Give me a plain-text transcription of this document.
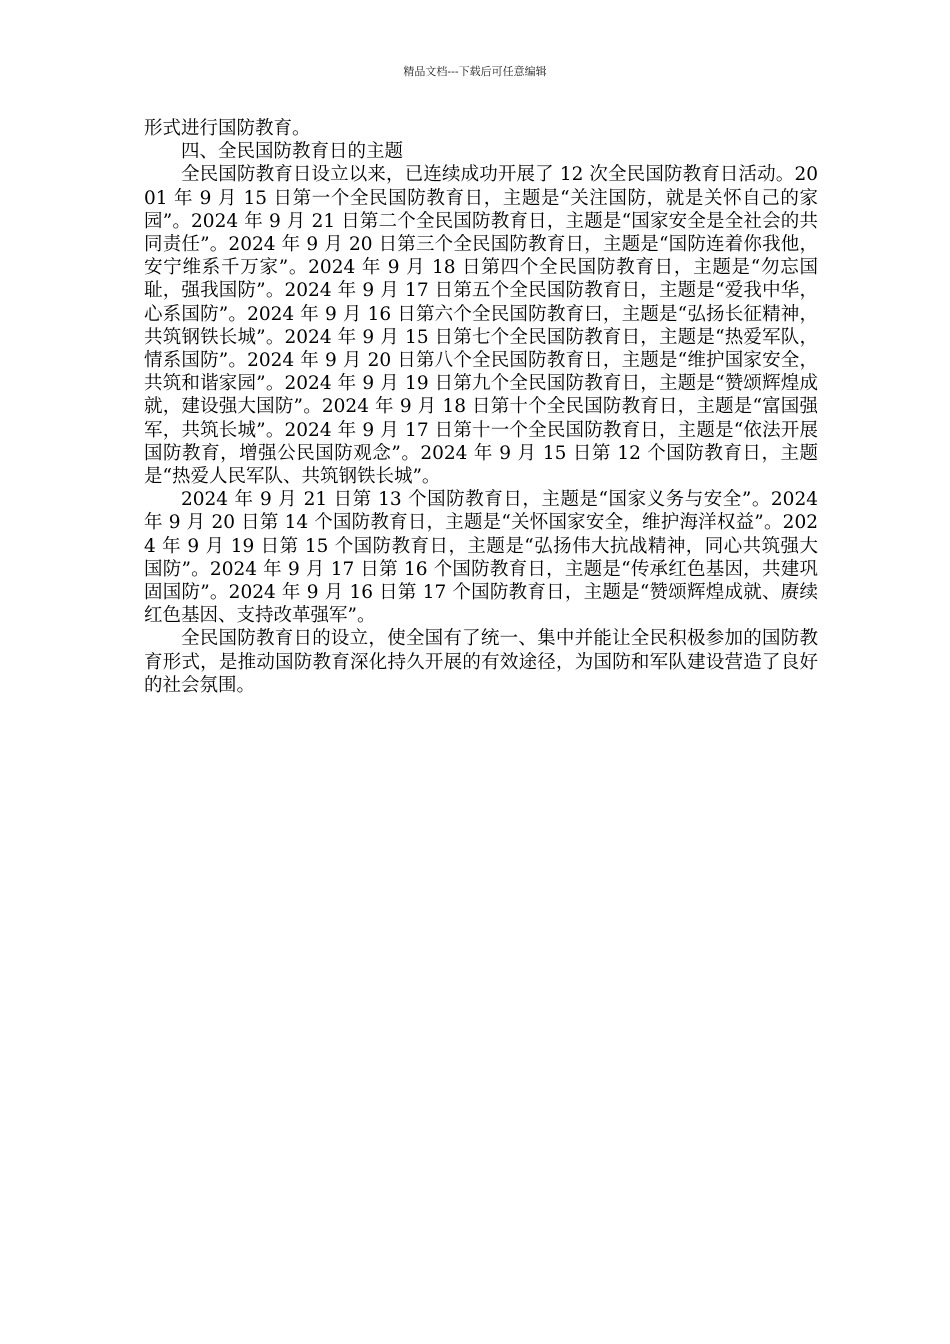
精品文档---下载后可任意编辑

形式进行国防教育。

四、全民国防教育日的主题

全民国防教育日设立以来，已连续成功开展了 12 次全民国防教育日活动。2001 年 9 月 15 日第一个全民国防教育日，主题是“关注国防，就是关怀自己的家园”。2024 年 9 月 21 日第二个全民国防教育日，主题是“国家安全是全社会的共同责任”。2024 年 9 月 20 日第三个全民国防教育日，主题是“国防连着你我他，安宁维系千万家”。2024 年 9 月 18 日第四个全民国防教育日，主题是“勿忘国耻，强我国防”。2024 年 9 月 17 日第五个全民国防教育日，主题是“爱我中华，心系国防”。2024 年 9 月 16 日第六个全民国防教育曰，主题是“弘扬长征精神，共筑钢铁长城”。2024 年 9 月 15 日第七个全民国防教育日，主题是“热爱军队，情系国防”。2024 年 9 月 20 日第八个全民国防教育日，主题是“维护国家安全，共筑和谐家园”。2024 年 9 月 19 日第九个全民国防教育日，主题是“赞颂辉煌成就，建设强大国防”。2024 年 9 月 18 日第十个全民国防教育日，主题是“富国强军，共筑长城”。2024 年 9 月 17 日第十一个全民国防教育日，主题是“依法开展国防教育，增强公民国防观念”。2024 年 9 月 15 日第 12 个国防教育日，主题是“热爱人民军队、共筑钢铁长城”。

2024 年 9 月 21 日第 13 个国防教育日，主题是“国家义务与安全”。2024 年 9 月 20 日第 14 个国防教育日，主题是“关怀国家安全，维护海洋权益”。2024 年 9 月 19 日第 15 个国防教育日，主题是“弘扬伟大抗战精神，同心共筑强大国防”。2024 年 9 月 17 日第 16 个国防教育日，主题是“传承红色基因，共建巩固国防”。2024 年 9 月 16 日第 17 个国防教育日，主题是“赞颂辉煌成就、赓续红色基因、支持改革强军”。

全民国防教育日的设立，使全国有了统一、集中并能让全民积极参加的国防教育形式，是推动国防教育深化持久开展的有效途径，为国防和军队建设营造了良好的社会氛围。
